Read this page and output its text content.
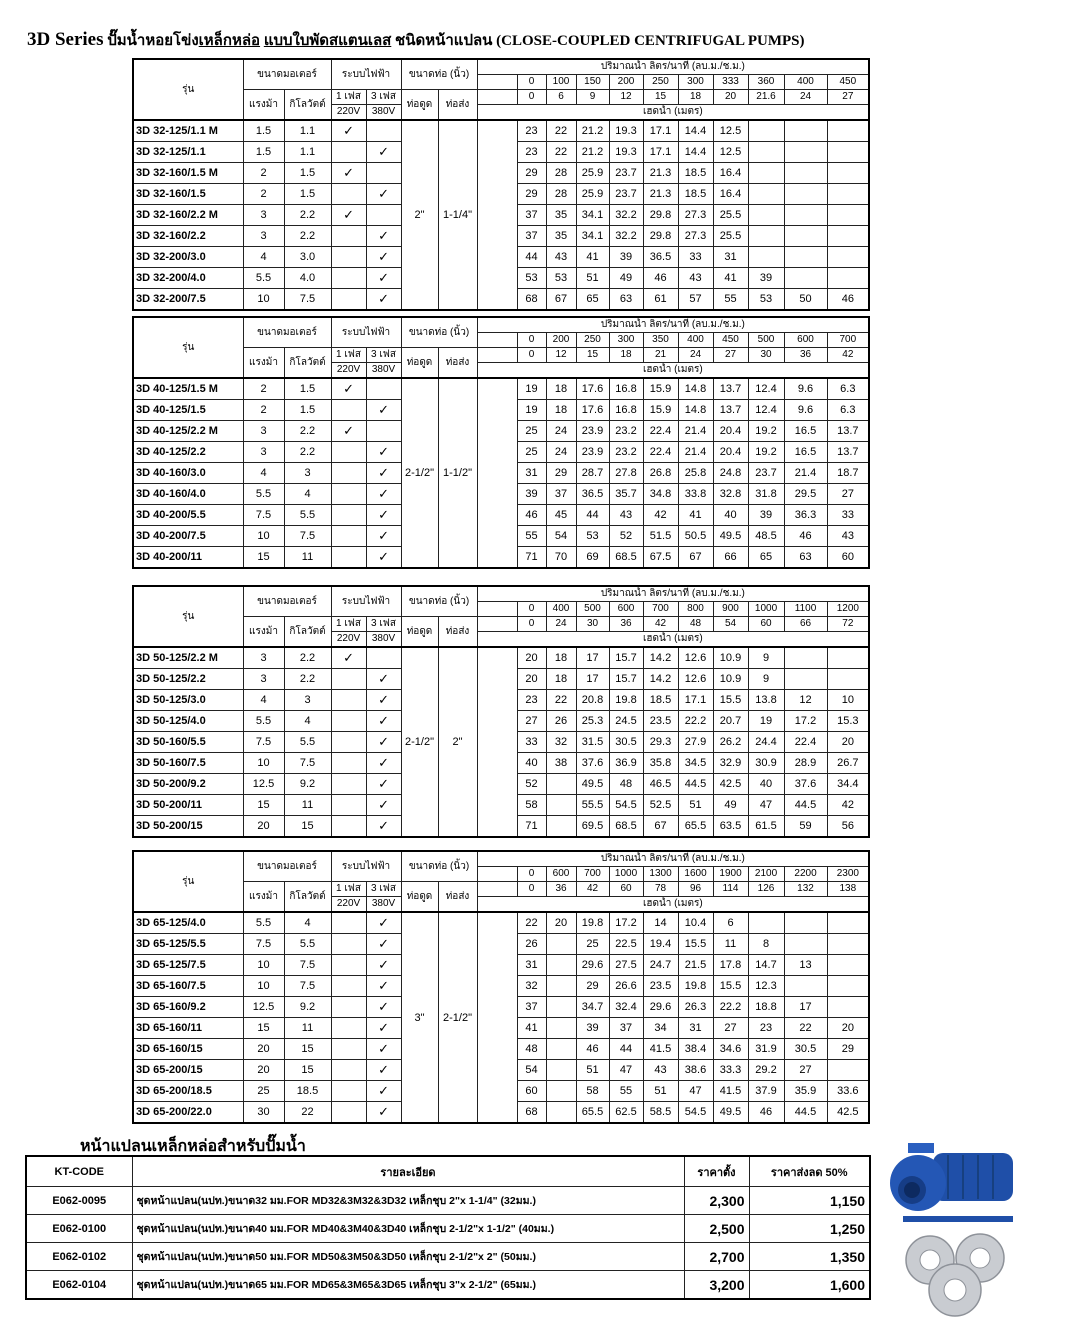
3D Series ปั๊มน้ำหอยโข่งเหล็กหล่อ แบบใบพัดสแตนเลส ชนิดหน้าแปลน (CLOSE-COUPLED CENTRIFUGAL PUMPS)
รุ่น	ขนาดมอเตอร์		ระบบไฟฟ้า		ขนาดท่อ (นิ้ว)		ปริมาณน้ำ ลิตร/นาที (ลบ.ม./ช.ม.)										
								0	100	150	200	250	300	333	360	400	450
	แรงม้า	กิโลวัตต์	1 เฟส	3 เฟส	ท่อดูด	ท่อส่ง		0	6	9	12	15	18	20	21.6	24	27
			220V	380V			เฮดน้ำ (เมตร)										
3D 32-125/1.1 M	1.5	1.1	✓		2"	1-1/4"		23	22	21.2	19.3	17.1	14.4	12.5			
3D 32-125/1.1	1.5	1.1		✓				23	22	21.2	19.3	17.1	14.4	12.5			
3D 32-160/1.5 M	2	1.5	✓					29	28	25.9	23.7	21.3	18.5	16.4			
3D 32-160/1.5	2	1.5		✓				29	28	25.9	23.7	21.3	18.5	16.4			
3D 32-160/2.2 M	3	2.2	✓					37	35	34.1	32.2	29.8	27.3	25.5			
3D 32-160/2.2	3	2.2		✓				37	35	34.1	32.2	29.8	27.3	25.5			
3D 32-200/3.0	4	3.0		✓				44	43	41	39	36.5	33	31			
3D 32-200/4.0	5.5	4.0		✓				53	53	51	49	46	43	41	39		
3D 32-200/7.5	10	7.5		✓				68	67	65	63	61	57	55	53	50	46
รุ่น	ขนาดมอเตอร์		ระบบไฟฟ้า		ขนาดท่อ (นิ้ว)		ปริมาณน้ำ ลิตร/นาที (ลบ.ม./ช.ม.)										
								0	200	250	300	350	400	450	500	600	700
	แรงม้า	กิโลวัตต์	1 เฟส	3 เฟส	ท่อดูด	ท่อส่ง		0	12	15	18	21	24	27	30	36	42
			220V	380V			เฮดน้ำ (เมตร)										
3D 40-125/1.5 M	2	1.5	✓		2-1/2"	1-1/2"		19	18	17.6	16.8	15.9	14.8	13.7	12.4	9.6	6.3
3D 40-125/1.5	2	1.5		✓				19	18	17.6	16.8	15.9	14.8	13.7	12.4	9.6	6.3
3D 40-125/2.2 M	3	2.2	✓					25	24	23.9	23.2	22.4	21.4	20.4	19.2	16.5	13.7
3D 40-125/2.2	3	2.2		✓				25	24	23.9	23.2	22.4	21.4	20.4	19.2	16.5	13.7
3D 40-160/3.0	4	3		✓				31	29	28.7	27.8	26.8	25.8	24.8	23.7	21.4	18.7
3D 40-160/4.0	5.5	4		✓				39	37	36.5	35.7	34.8	33.8	32.8	31.8	29.5	27
3D 40-200/5.5	7.5	5.5		✓				46	45	44	43	42	41	40	39	36.3	33
3D 40-200/7.5	10	7.5		✓				55	54	53	52	51.5	50.5	49.5	48.5	46	43
3D 40-200/11	15	11		✓				71	70	69	68.5	67.5	67	66	65	63	60
รุ่น	ขนาดมอเตอร์		ระบบไฟฟ้า		ขนาดท่อ (นิ้ว)		ปริมาณน้ำ ลิตร/นาที (ลบ.ม./ช.ม.)										
								0	400	500	600	700	800	900	1000	1100	1200
	แรงม้า	กิโลวัตต์	1 เฟส	3 เฟส	ท่อดูด	ท่อส่ง		0	24	30	36	42	48	54	60	66	72
			220V	380V			เฮดน้ำ (เมตร)										
3D 50-125/2.2 M	3	2.2	✓		2-1/2"	2"		20	18	17	15.7	14.2	12.6	10.9	9		
3D 50-125/2.2	3	2.2		✓				20	18	17	15.7	14.2	12.6	10.9	9		
3D 50-125/3.0	4	3		✓				23	22	20.8	19.8	18.5	17.1	15.5	13.8	12	10
3D 50-125/4.0	5.5	4		✓				27	26	25.3	24.5	23.5	22.2	20.7	19	17.2	15.3
3D 50-160/5.5	7.5	5.5		✓				33	32	31.5	30.5	29.3	27.9	26.2	24.4	22.4	20
3D 50-160/7.5	10	7.5		✓				40	38	37.6	36.9	35.8	34.5	32.9	30.9	28.9	26.7
3D 50-200/9.2	12.5	9.2		✓				52		49.5	48	46.5	44.5	42.5	40	37.6	34.4
3D 50-200/11	15	11		✓				58		55.5	54.5	52.5	51	49	47	44.5	42
3D 50-200/15	20	15		✓				71		69.5	68.5	67	65.5	63.5	61.5	59	56
รุ่น	ขนาดมอเตอร์		ระบบไฟฟ้า		ขนาดท่อ (นิ้ว)		ปริมาณน้ำ ลิตร/นาที (ลบ.ม./ช.ม.)										
								0	600	700	1000	1300	1600	1900	2100	2200	2300
	แรงม้า	กิโลวัตต์	1 เฟส	3 เฟส	ท่อดูด	ท่อส่ง		0	36	42	60	78	96	114	126	132	138
			220V	380V			เฮดน้ำ (เมตร)										
3D 65-125/4.0	5.5	4		✓	3"	2-1/2"		22	20	19.8	17.2	14	10.4	6			
3D 65-125/5.5	7.5	5.5		✓				26		25	22.5	19.4	15.5	11	8		
3D 65-125/7.5	10	7.5		✓				31		29.6	27.5	24.7	21.5	17.8	14.7	13	
3D 65-160/7.5	10	7.5		✓				32		29	26.6	23.5	19.8	15.5	12.3		
3D 65-160/9.2	12.5	9.2		✓				37		34.7	32.4	29.6	26.3	22.2	18.8	17	
3D 65-160/11	15	11		✓				41		39	37	34	31	27	23	22	20
3D 65-160/15	20	15		✓				48		46	44	41.5	38.4	34.6	31.9	30.5	29
3D 65-200/15	20	15		✓				54		51	47	43	38.6	33.3	29.2	27	
3D 65-200/18.5	25	18.5		✓				60		58	55	51	47	41.5	37.9	35.9	33.6
3D 65-200/22.0	30	22		✓				68		65.5	62.5	58.5	54.5	49.5	46	44.5	42.5
หน้าแปลนเหล็กหล่อสำหรับปั๊มน้ำ
KT-CODE	รายละเอียด	ราคาตั้ง	ราคาส่งลด 50%
E062-0095	ชุดหน้าแปลน(นปท.)ขนาด32 มม.FOR MD32&3M32&3D32 เหล็กชุบ 2"x 1-1/4" (32มม.)	2,300	1,150
E062-0100	ชุดหน้าแปลน(นปท.)ขนาด40 มม.FOR MD40&3M40&3D40 เหล็กชุบ 2-1/2"x 1-1/2" (40มม.)	2,500	1,250
E062-0102	ชุดหน้าแปลน(นปท.)ขนาด50 มม.FOR MD50&3M50&3D50 เหล็กชุบ 2-1/2"x 2" (50มม.)	2,700	1,350
E062-0104	ชุดหน้าแปลน(นปท.)ขนาด65 มม.FOR MD65&3M65&3D65 เหล็กชุบ 3"x 2-1/2" (65มม.)	3,200	1,600
